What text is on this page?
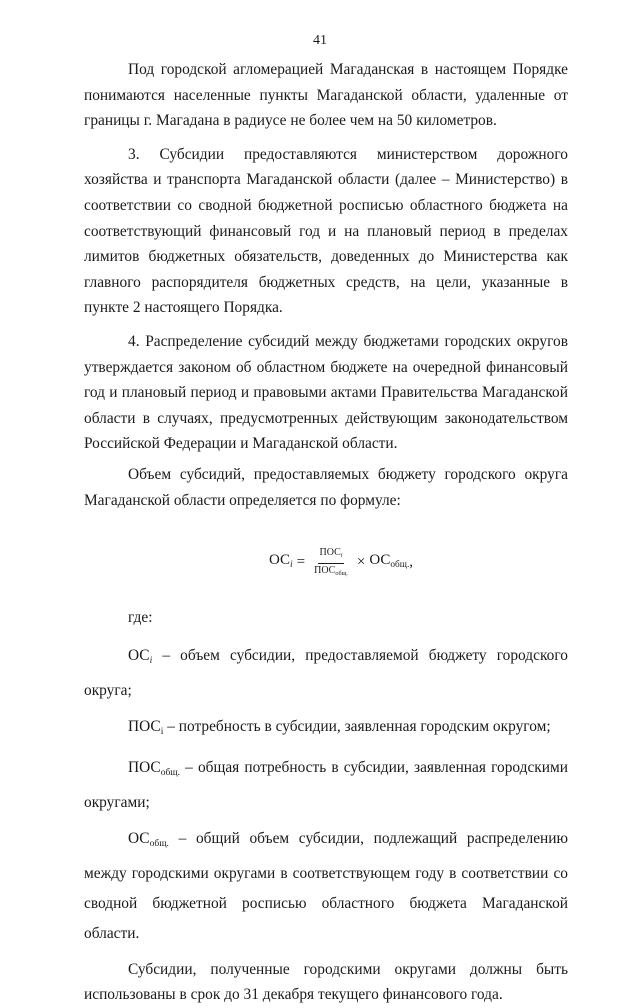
41

Под городской агломерацией Магаданская в настоящем Порядке понимаются населенные пункты Магаданской области, удаленные от границы г. Магадана в радиусе не более чем на 50 километров.

3. Субсидии предоставляются министерством дорожного хозяйства и транспорта Магаданской области (далее – Министерство) в соответствии со сводной бюджетной росписью областного бюджета на соответствующий финансовый год и на плановый период в пределах лимитов бюджетных обязательств, доведенных до Министерства как главного распорядителя бюджетных средств, на цели, указанные в пункте 2 настоящего Порядка.

4. Распределение субсидий между бюджетами городских округов утверждается законом об областном бюджете на очередной финансовый год и плановый период и правовыми актами Правительства Магаданской области в случаях, предусмотренных действующим законодательством Российской Федерации и Магаданской области.

Объем субсидий, предоставляемых бюджету городского округа Магаданской области определяется по формуле:

$ОС_i = \frac{ПОС_i}{ПОС_{общ.}} \times ОС_{общ.}$ ,

где:

$ОС_i$ – объем субсидии, предоставляемой бюджету городского округа;

$ПОС_i$ – потребность в субсидии, заявленная городским округом;

$ПОС_{общ.}$ – общая потребность в субсидии, заявленная городскими округами;

$ОС_{общ.}$ – общий объем субсидии, подлежащий распределению между городскими округами в соответствующем году в соответствии со сводной бюджетной росписью областного бюджета Магаданской области.

Субсидии, полученные городскими округами должны быть использованы в срок до 31 декабря текущего финансового года.
